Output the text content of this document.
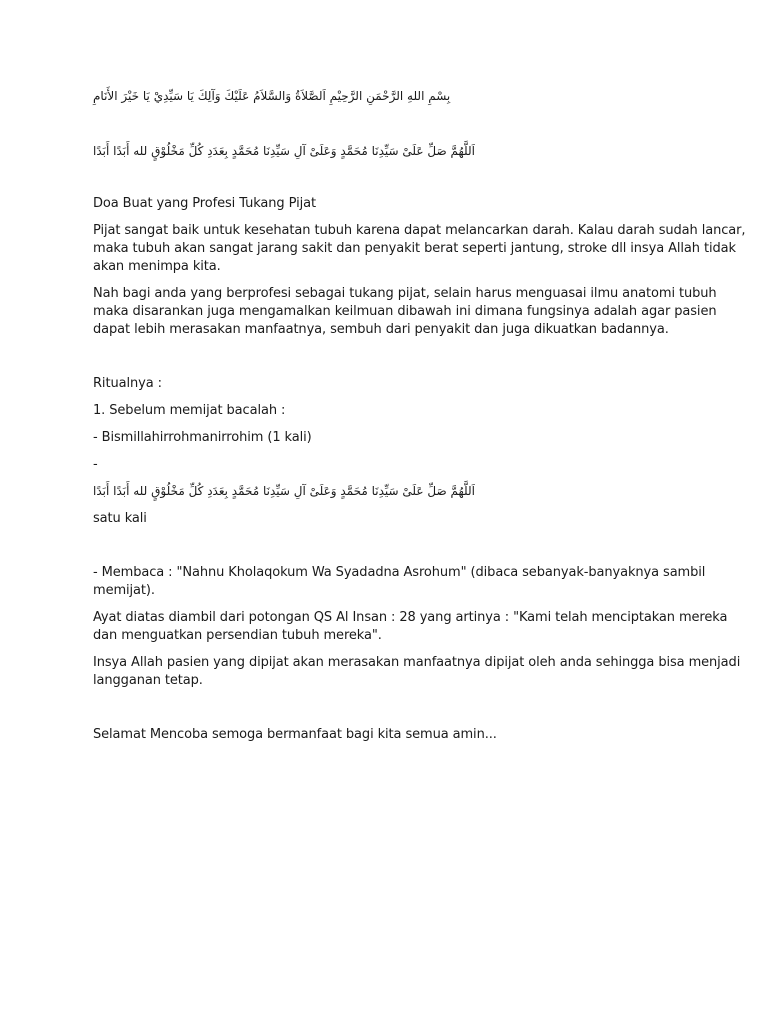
بِسْمِ اللهِ الرَّحْمَنِ الرَّحِيْمِ اَلصَّلاَةُ وَالسَّلاَمُ عَلَيْكَ وَآلِكَ يَا سَيِّدِيْ يَا خَيْرَ الأَنَامِ
اَللَّهُمَّ صَلِّ عَلَىْ سَيِّدِنَا مُحَمَّدٍ وَعَلَىْ آلِ سَيِّدِنَا مُحَمَّدٍ بِعَدَدِ كُلِّ مَخْلُوْقٍ لله أَبَدًا أَبَدًا
Doa Buat yang Profesi Tukang Pijat
Pijat sangat baik untuk kesehatan tubuh karena dapat melancarkan darah. Kalau darah sudah lancar,
maka tubuh akan sangat jarang sakit dan penyakit berat seperti jantung, stroke dll insya Allah tidak
akan menimpa kita.
Nah bagi anda yang berprofesi sebagai tukang pijat, selain harus menguasai ilmu anatomi tubuh
maka disarankan juga mengamalkan keilmuan dibawah ini dimana fungsinya adalah agar pasien
dapat lebih merasakan manfaatnya, sembuh dari penyakit dan juga dikuatkan badannya.
Ritualnya :
1. Sebelum memijat bacalah :
- Bismillahirrohmanirrohim (1 kali)
-
اَللَّهُمَّ صَلِّ عَلَىْ سَيِّدِنَا مُحَمَّدٍ وَعَلَىْ آلِ سَيِّدِنَا مُحَمَّدٍ بِعَدَدِ كُلِّ مَخْلُوْقٍ لله أَبَدًا أَبَدًا
satu kali
- Membaca : "Nahnu Kholaqokum Wa Syadadna Asrohum" (dibaca sebanyak-banyaknya sambil
memijat).
Ayat diatas diambil dari potongan QS Al Insan : 28 yang artinya : "Kami telah menciptakan mereka
dan menguatkan persendian tubuh mereka".
Insya Allah pasien yang dipijat akan merasakan manfaatnya dipijat oleh anda sehingga bisa menjadi
langganan tetap.
Selamat Mencoba semoga bermanfaat bagi kita semua amin...
